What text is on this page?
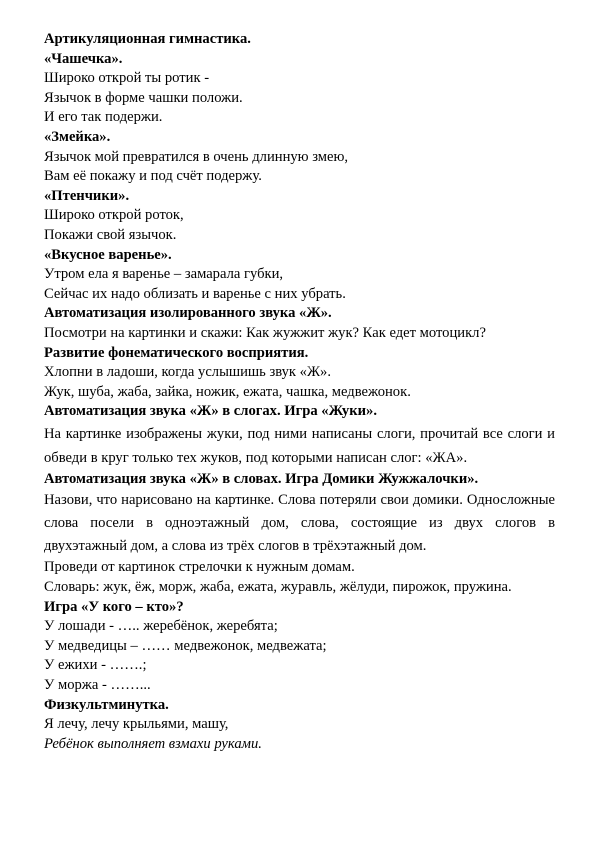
Артикуляционная гимнастика.

«Чашечка».

Широко открой ты ротик -

Язычок в форме чашки положи.

И его так подержи.

«Змейка».

Язычок мой превратился в очень длинную змею,

Вам её покажу и под счёт подержу.

«Птенчики».

Широко открой роток,

Покажи свой язычок.

«Вкусное варенье».

Утром ела я варенье – замарала губки,

Сейчас их надо облизать и варенье с них убрать.

Автоматизация изолированного звука «Ж».

Посмотри на картинки и скажи: Как жужжит жук? Как едет мотоцикл?

Развитие фонематического восприятия.

Хлопни в ладоши, когда услышишь звук «Ж».

Жук, шуба, жаба, зайка, ножик, ежата, чашка, медвежонок.

Автоматизация звука «Ж» в слогах. Игра «Жуки».

На картинке изображены жуки, под ними написаны слоги, прочитай все слоги и обведи в круг только тех жуков, под которыми написан слог: «ЖА».

Автоматизация звука «Ж» в словах. Игра Домики Жужжалочки».

Назови, что нарисовано на картинке. Слова потеряли свои домики. Односложные слова посели в одноэтажный дом, слова, состоящие из двух слогов в двухэтажный дом, а слова из трёх слогов в трёхэтажный дом.

Проведи от картинок стрелочки к нужным домам.

Словарь: жук, ёж, морж, жаба, ежата, журавль, жёлуди, пирожок, пружина.

Игра «У кого – кто»?

У лошади - ….. жеребёнок, жеребята;

У медведицы – …… медвежонок, медвежата;

У ежихи - …….;

У моржа - ……...

Физкультминутка.

Я лечу, лечу крыльями, машу,

Ребёнок выполняет взмахи руками.
